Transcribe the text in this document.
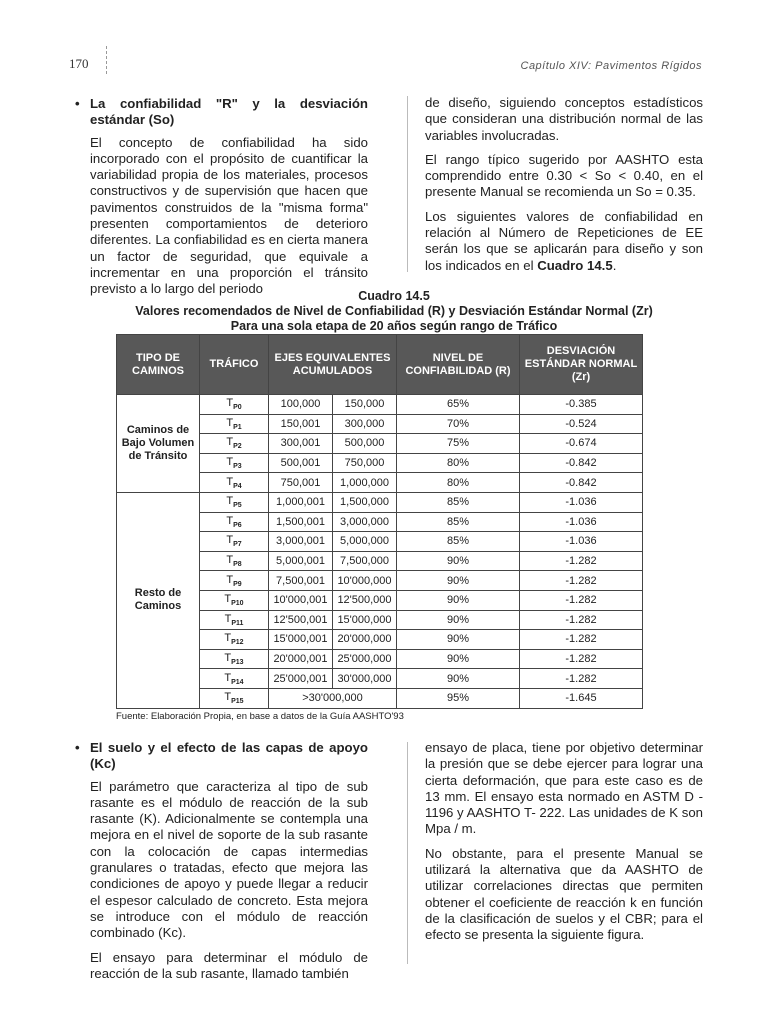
170	Capítulo XIV: Pavimentos Rígidos
• La confiabilidad "R" y la desviación estándar (So)
El concepto de confiabilidad ha sido incorporado con el propósito de cuantificar la variabilidad propia de los materiales, procesos constructivos y de supervisión que hacen que pavimentos construidos de la "misma forma" presenten comportamientos de deterioro diferentes. La confiabilidad es en cierta manera un factor de seguridad, que equivale a incrementar en una proporción el tránsito previsto a lo largo del periodo

de diseño, siguiendo conceptos estadísticos que consideran una distribución normal de las variables involucradas.

El rango típico sugerido por AASHTO esta comprendido entre 0.30 < So < 0.40, en el presente Manual se recomienda un So = 0.35.

Los siguientes valores de confiabilidad en relación al Número de Repeticiones de EE serán los que se aplicarán para diseño y son los indicados en el Cuadro 14.5.

Cuadro 14.5
Valores recomendados de Nivel de Confiabilidad (R) y Desviación Estándar Normal (Zr)
Para una sola etapa de 20 años según rango de Tráfico
TIPO DE CAMINOS	TRÁFICO	EJES EQUIVALENTES ACUMULADOS		NIVEL DE CONFIABILIDAD (R)	DESVIACIÓN ESTÁNDAR NORMAL (Zr)
Caminos de Bajo Volumen de Tránsito	$T_{P0}$	100,000	150,000	65%	-0.385
	$T_{P1}$	150,001	300,000	70%	-0.524
	$T_{P2}$	300,001	500,000	75%	-0.674
	$T_{P3}$	500,001	750,000	80%	-0.842
	$T_{P4}$	750,001	1,000,000	80%	-0.842
Resto de Caminos	$T_{P5}$	1,000,001	1,500,000	85%	-1.036
	$T_{P6}$	1,500,001	3,000,000	85%	-1.036
	$T_{P7}$	3,000,001	5,000,000	85%	-1.036
	$T_{P8}$	5,000,001	7,500,000	90%	-1.282
	$T_{P9}$	7,500,001	10'000,000	90%	-1.282
	$T_{P10}$	10'000,001	12'500,000	90%	-1.282
	$T_{P11}$	12'500,001	15'000,000	90%	-1.282
	$T_{P12}$	15'000,001	20'000,000	90%	-1.282
	$T_{P13}$	20'000,001	25'000,000	90%	-1.282
	$T_{P14}$	25'000,001	30'000,000	90%	-1.282
	$T_{P15}$	>30'000,000		95%	-1.645
Fuente: Elaboración Propia, en base a datos de la Guía AASHTO'93
• El suelo y el efecto de las capas de apoyo (Kc)

El parámetro que caracteriza al tipo de sub rasante es el módulo de reacción de la sub rasante (K). Adicionalmente se contempla una mejora en el nivel de soporte de la sub rasante con la colocación de capas intermedias granulares o tratadas, efecto que mejora las condiciones de apoyo y puede llegar a reducir el espesor calculado de concreto. Esta mejora se introduce con el módulo de reacción combinado (Kc).

El ensayo para determinar el módulo de reacción de la sub rasante, llamado también

ensayo de placa, tiene por objetivo determinar la presión que se debe ejercer para lograr una cierta deformación, que para este caso es de 13 mm. El ensayo esta normado en ASTM D - 1196 y AASHTO T- 222. Las unidades de K son Mpa / m.

No obstante, para el presente Manual se utilizará la alternativa que da AASHTO de utilizar correlaciones directas que permiten obtener el coeficiente de reacción k en función de la clasificación de suelos y el CBR; para el efecto se presenta la siguiente figura.
